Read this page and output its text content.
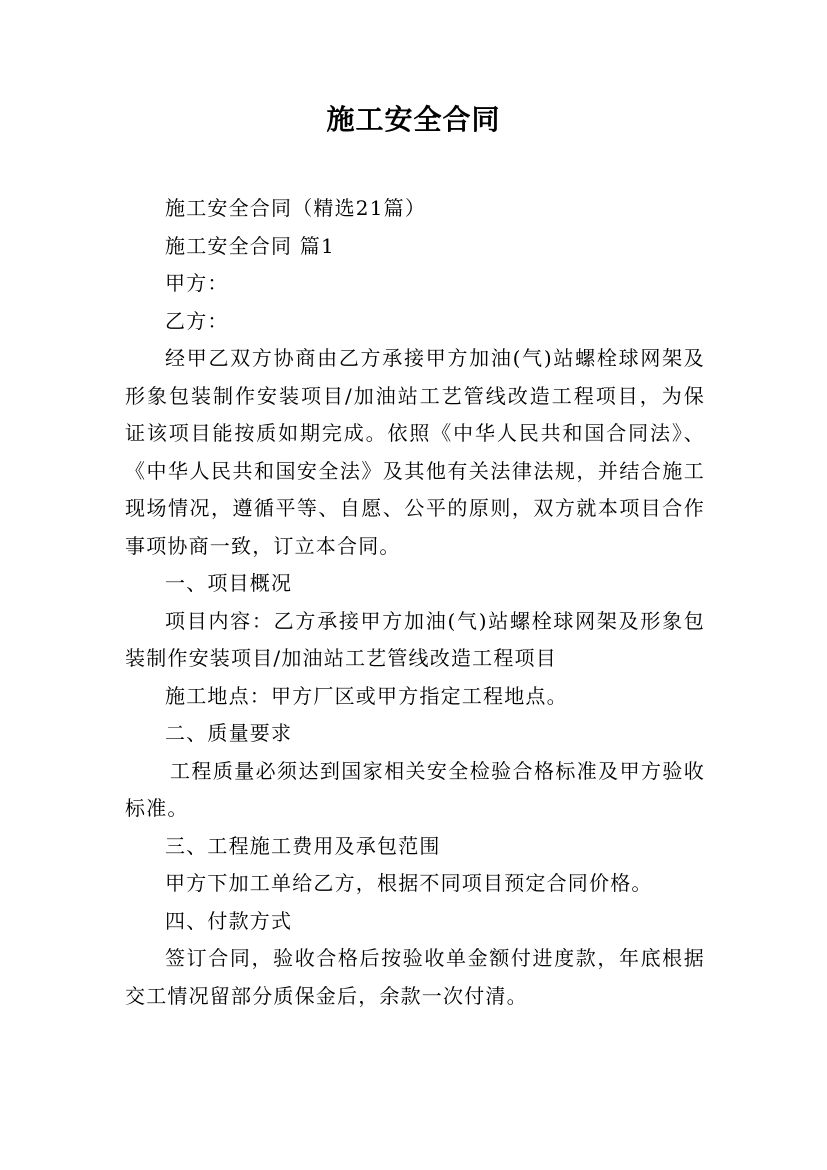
施工安全合同

施工安全合同（精选21篇）

施工安全合同 篇1

甲方：

乙方：

经甲乙双方协商由乙方承接甲方加油(气)站螺栓球网架及形象包装制作安装项目/加油站工艺管线改造工程项目，为保证该项目能按质如期完成。依照《中华人民共和国合同法》、《中华人民共和国安全法》及其他有关法律法规，并结合施工现场情况，遵循平等、自愿、公平的原则，双方就本项目合作事项协商一致，订立本合同。

一、项目概况

项目内容：乙方承接甲方加油(气)站螺栓球网架及形象包装制作安装项目/加油站工艺管线改造工程项目

施工地点：甲方厂区或甲方指定工程地点。

二、质量要求

工程质量必须达到国家相关安全检验合格标准及甲方验收标准。

三、工程施工费用及承包范围

甲方下加工单给乙方，根据不同项目预定合同价格。

四、付款方式

签订合同，验收合格后按验收单金额付进度款，年底根据交工情况留部分质保金后，余款一次付清。
